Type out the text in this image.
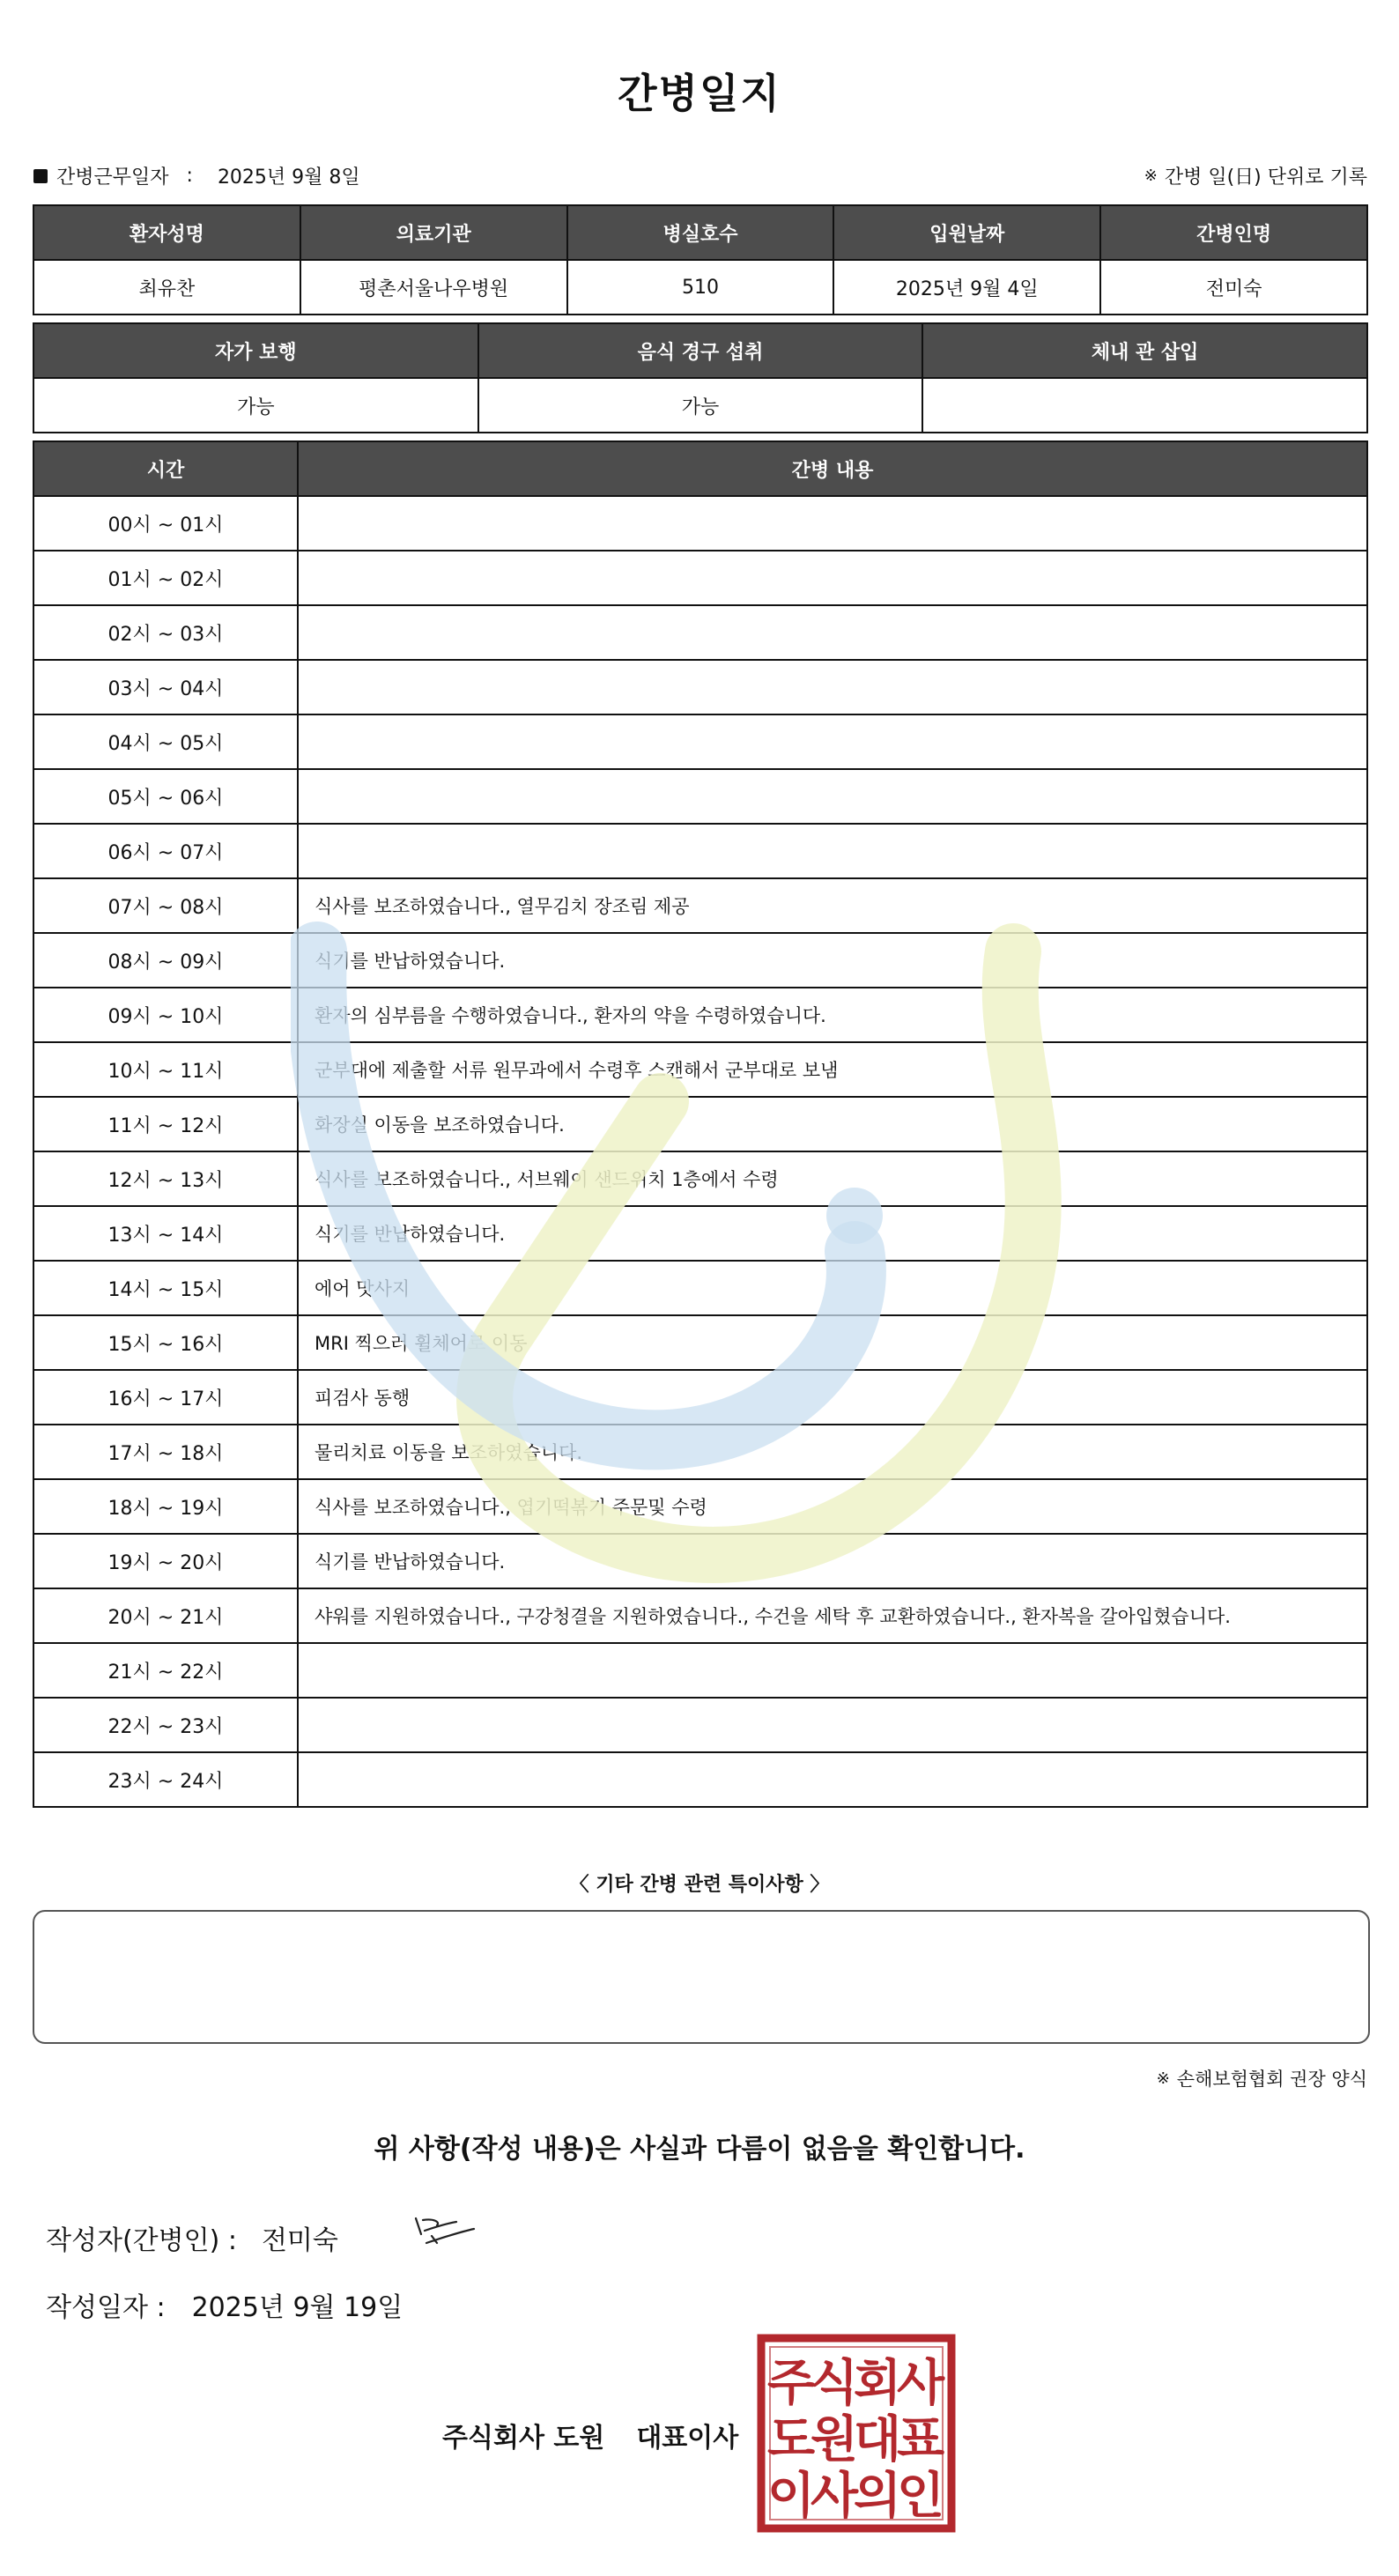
간병일지
간병근무일자 : 2025년 9월 8일	※ 간병 일(日) 단위로 기록
환자성명	의료기관	병실호수	입원날짜	간병인명
최유찬	평촌서울나우병원	510	2025년 9월 4일	전미숙
자가 보행	음식 경구 섭취	체내 관 삽입
가능	가능	
시간	간병 내용
00시 ~ 01시	
01시 ~ 02시	
02시 ~ 03시	
03시 ~ 04시	
04시 ~ 05시	
05시 ~ 06시	
06시 ~ 07시	
07시 ~ 08시	식사를 보조하였습니다., 열무김치 장조림 제공
08시 ~ 09시	식기를 반납하였습니다.
09시 ~ 10시	환자의 심부름을 수행하였습니다., 환자의 약을 수령하였습니다.
10시 ~ 11시	군부대에 제출할 서류 원무과에서 수령후 스캔해서 군부대로 보냄
11시 ~ 12시	화장실 이동을 보조하였습니다.
12시 ~ 13시	식사를 보조하였습니다., 서브웨이 샌드위치 1층에서 수령
13시 ~ 14시	식기를 반납하였습니다.
14시 ~ 15시	에어 맛사지
15시 ~ 16시	MRI 찍으러 휠체어로 이동
16시 ~ 17시	피검사 동행
17시 ~ 18시	물리치료 이동을 보조하였습니다.
18시 ~ 19시	식사를 보조하였습니다., 엽기떡볶기 주문및 수령
19시 ~ 20시	식기를 반납하였습니다.
20시 ~ 21시	샤워를 지원하였습니다., 구강청결을 지원하였습니다., 수건을 세탁 후 교환하였습니다., 환자복을 갈아입혔습니다.
21시 ~ 22시	
22시 ~ 23시	
23시 ~ 24시	
〈 기타 간병 관련 특이사항 〉
※ 손해보험협회 권장 양식
위 사항(작성 내용)은 사실과 다름이 없음을 확인합니다.
작성자(간병인) : 전미숙
작성일자 : 2025년 9월 19일
주식회사 도원 대표이사
주
식
회
사
도
원
대
표
이
사
의
인
